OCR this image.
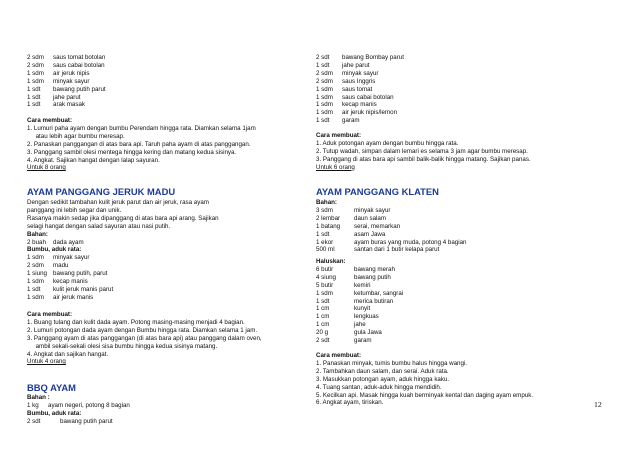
2 sdm saus tomat botolan
2 sdm saus cabai botolan
1 sdm air jeruk nipis
1 sdm minyak sayur
1 sdt bawang putih parut
1 sdt jahe parut
1 sdt arak masak
Cara membuat:
1. Lumuri paha ayam dengan bumbu Perendam hingga rata. Diamkan selama 1jam
atau lebih agar bumbu meresap.
2. Panaskan panggangan di atas bara api. Taruh paha ayam di atas panggangan.
3. Panggang sambil olesi mentega hingga kering dan matang kedua sisinya.
4. Angkat. Sajikan hangat dengan lalap sayuran.
Untuk 8 orang
AYAM PANGGANG JERUK MADU
Dengan sedikit tambahan kulit jeruk parut dan air jeruk, rasa ayam
panggang ini lebih segar dan unik.
Rasanya makin sedap jika dipanggang di atas bara api arang. Sajikan
selagi hangat dengan salad sayuran atau nasi putih.
Bahan:
2 buah dada ayam
Bumbu, aduk rata:
1 sdm minyak sayur
2 sdm madu
1 siung bawang putih, parut
1 sdm kecap manis
1 sdt kulit jeruk manis parut
1 sdm air jeruk manis
Cara membuat:
1. Buang tulang dan kulit dada ayam. Potong masing-masing menjadi 4 bagian.
2. Lumuri potongan dada ayam dengan Bumbu hingga rata. Diamkan selama 1 jam.
3. Panggang ayam di atas panggangan (di atas bara api) atau panggang dalam oven,
ambil sekali-sekali olesi sisa bumbu hingga kedua sisinya matang.
4. Angkat dan sajikan hangat.
Untuk 4 orang
BBQ AYAM
Bahan :
1 kg ayam negeri, potong 8 bagian
Bumbu, aduk rata:
2 sdt	bawang putih parut
2 sdt bawang Bombay parut
1 sdt jahe parut
2 sdm minyak sayur
2 sdm saus Inggris
1 sdm saus tomat
1 sdm saus cabai botolan
1 sdm kecap manis
1 sdm air jeruk nipis/lemon
1 sdt garam
Cara membuat:
1. Aduk potongan ayam dengan bumbu hingga rata.
2. Tutup wadah, simpan dalam lemari es selama 3 jam agar bumbu meresap.
3. Panggang di atas bara api sambil balik-balik hingga matang. Sajikan panas.
Untuk 6 orang
AYAM PANGGANG KLATEN
Bahan:
3 sdm	minyak sayur
2 lembar daun salam
1 batang serai, memarkan
1 sdt	asam Jawa
1 ekor	ayam buras yang muda, potong 4 bagian
500 ml	santan dari 1 butir kelapa parut
Haluskan:
6 butir	bawang merah
4 siung	bawang putih
5 butir	kemiri
1 sdm	ketumbar, sangrai
1 sdt	merica butiran
1 cm	kunyit
1 cm	lengkuas
1 cm	jahe
20 g	gula Jawa
2 sdt	garam
Cara membuat:
1. Panaskan minyak, tumis bumbu halus hingga wangi.
2. Tambahkan daun salam, dan serai. Aduk rata.
3. Masukkan potongan ayam, aduk hingga kaku.
4. Tuang santan, aduk-aduk hingga mendidih.
5. Kecilkan api. Masak hingga kuah berminyak kental dan daging ayam empuk.
6. Angkat ayam, tiriskan.	12
